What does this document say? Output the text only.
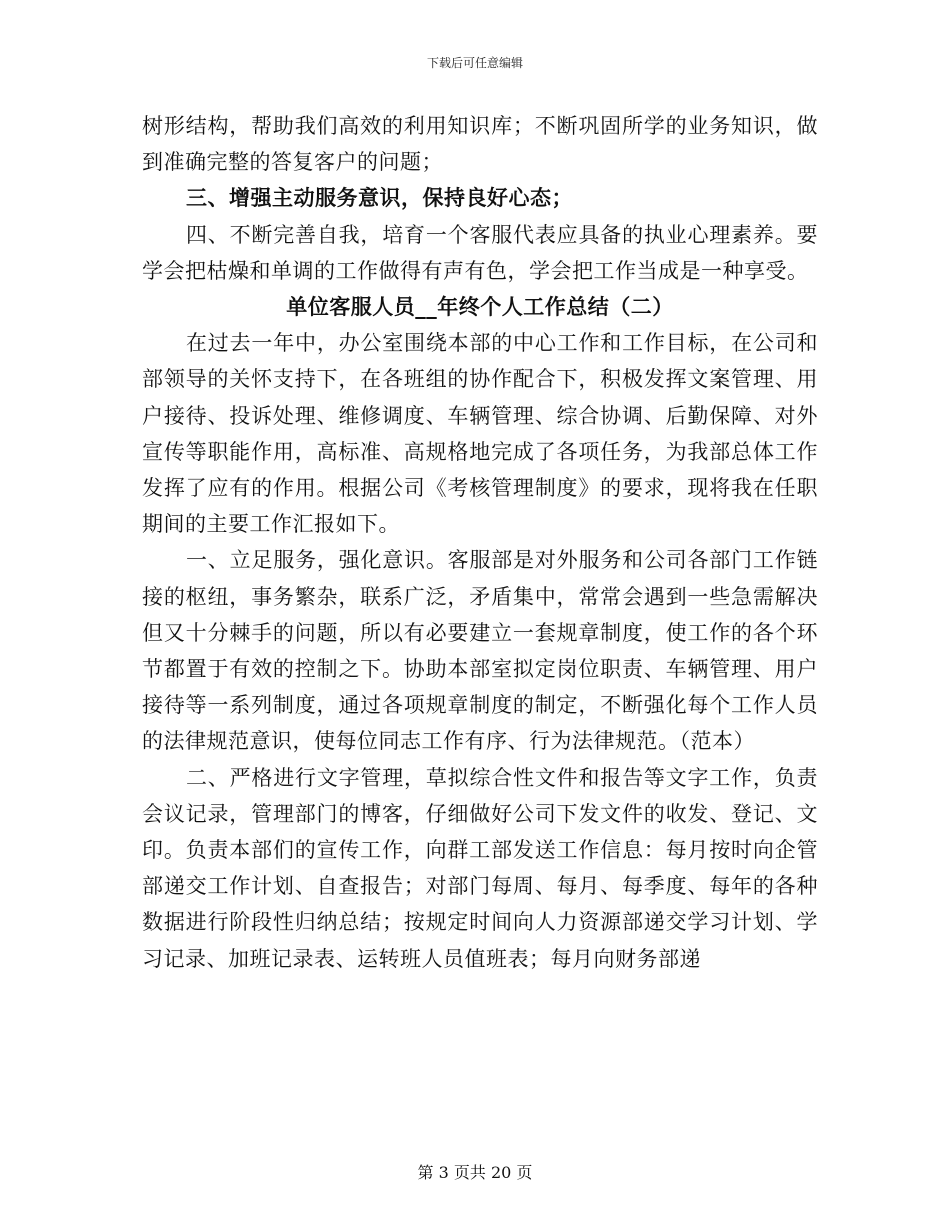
下载后可任意编辑

树形结构，帮助我们高效的利用知识库；不断巩固所学的业务知识，做到准确完整的答复客户的问题；

三、增强主动服务意识，保持良好心态；

四、不断完善自我，培育一个客服代表应具备的执业心理素养。要学会把枯燥和单调的工作做得有声有色，学会把工作当成是一种享受。

单位客服人员__年终个人工作总结（二）

在过去一年中，办公室围绕本部的中心工作和工作目标，在公司和部领导的关怀支持下，在各班组的协作配合下，积极发挥文案管理、用户接待、投诉处理、维修调度、车辆管理、综合协调、后勤保障、对外宣传等职能作用，高标准、高规格地完成了各项任务，为我部总体工作发挥了应有的作用。根据公司《考核管理制度》的要求，现将我在任职期间的主要工作汇报如下。

一、立足服务，强化意识。客服部是对外服务和公司各部门工作链接的枢纽，事务繁杂，联系广泛，矛盾集中，常常会遇到一些急需解决但又十分棘手的问题，所以有必要建立一套规章制度，使工作的各个环节都置于有效的控制之下。协助本部室拟定岗位职责、车辆管理、用户接待等一系列制度，通过各项规章制度的制定，不断强化每个工作人员的法律规范意识，使每位同志工作有序、行为法律规范。（范本）

二、严格进行文字管理，草拟综合性文件和报告等文字工作，负责会议记录，管理部门的博客，仔细做好公司下发文件的收发、登记、文印。负责本部们的宣传工作，向群工部发送工作信息：每月按时向企管部递交工作计划、自查报告；对部门每周、每月、每季度、每年的各种数据进行阶段性归纳总结；按规定时间向人力资源部递交学习计划、学习记录、加班记录表、运转班人员值班表；每月向财务部递

第 3 页共 20 页
